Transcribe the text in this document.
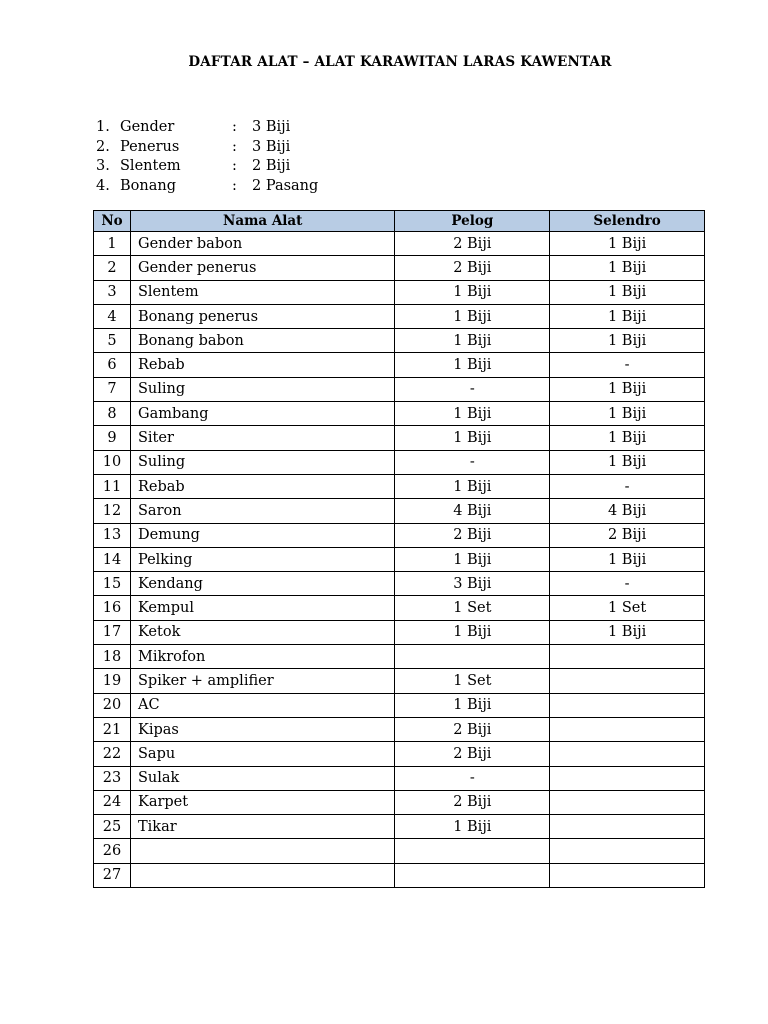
DAFTAR ALAT – ALAT KARAWITAN LARAS KAWENTAR
1. Gender	:	3 Biji
2. Penerus	:	3 Biji
3. Slentem	:	2 Biji
4. Bonang	:	2 Pasang
No	Nama Alat	Pelog	Selendro
1	Gender babon	2 Biji	1 Biji
2	Gender penerus	2 Biji	1 Biji
3	Slentem	1 Biji	1 Biji
4	Bonang penerus	1 Biji	1 Biji
5	Bonang babon	1 Biji	1 Biji
6	Rebab	1 Biji	-
7	Suling	-	1 Biji
8	Gambang	1 Biji	1 Biji
9	Siter	1 Biji	1 Biji
10	Suling	-	1 Biji
11	Rebab	1 Biji	-
12	Saron	4 Biji	4 Biji
13	Demung	2 Biji	2 Biji
14	Pelking	1 Biji	1 Biji
15	Kendang	3 Biji	-
16	Kempul	1 Set	1 Set
17	Ketok	1 Biji	1 Biji
18	Mikrofon		
19	Spiker + amplifier	1 Set	
20	AC	1 Biji	
21	Kipas	2 Biji	
22	Sapu	2 Biji	
23	Sulak	-	
24	Karpet	2 Biji	
25	Tikar	1 Biji	
26			
27			
